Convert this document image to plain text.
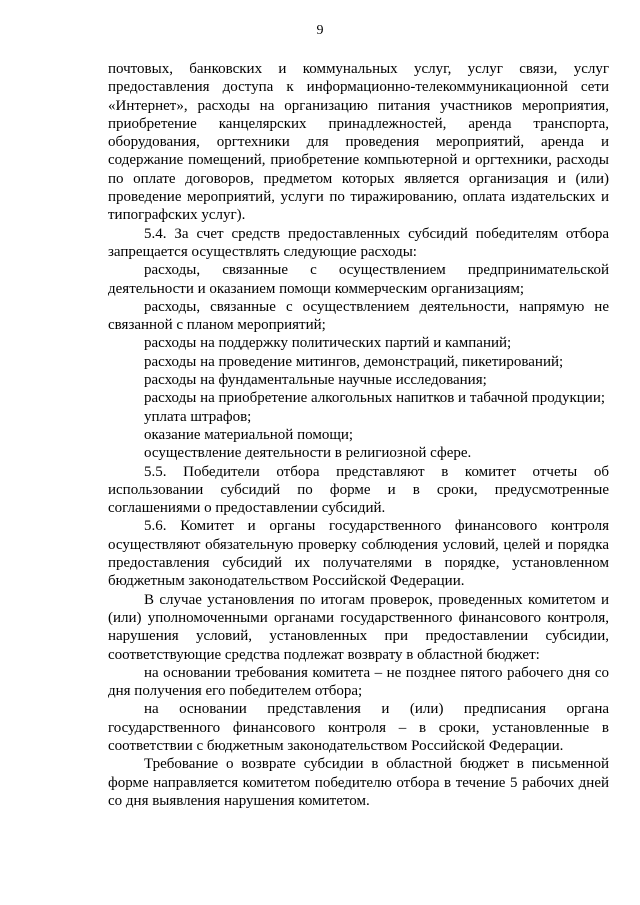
9

почтовых, банковских и коммунальных услуг, услуг связи, услуг предоставления доступа к информационно-телекоммуникационной сети «Интернет», расходы на организацию питания участников мероприятия, приобретение канцелярских принадлежностей, аренда транспорта, оборудования, оргтехники для проведения мероприятий, аренда и содержание помещений, приобретение компьютерной и оргтехники, расходы по оплате договоров, предметом которых является организация и (или) проведение мероприятий, услуги по тиражированию, оплата издательских и типографских услуг).

5.4. За счет средств предоставленных субсидий победителям отбора запрещается осуществлять следующие расходы:

расходы, связанные с осуществлением предпринимательской деятельности и оказанием помощи коммерческим организациям;

расходы, связанные с осуществлением деятельности, напрямую не связанной с планом мероприятий;

расходы на поддержку политических партий и кампаний;

расходы на проведение митингов, демонстраций, пикетирований;

расходы на фундаментальные научные исследования;

расходы на приобретение алкогольных напитков и табачной продукции;

уплата штрафов;

оказание материальной помощи;

осуществление деятельности в религиозной сфере.

5.5. Победители отбора представляют в комитет отчеты об использовании субсидий по форме и в сроки, предусмотренные соглашениями о предоставлении субсидий.

5.6. Комитет и органы государственного финансового контроля осуществляют обязательную проверку соблюдения условий, целей и порядка предоставления субсидий их получателями в порядке, установленном бюджетным законодательством Российской Федерации.

В случае установления по итогам проверок, проведенных комитетом и (или) уполномоченными органами государственного финансового контроля, нарушения условий, установленных при предоставлении субсидии, соответствующие средства подлежат возврату в областной бюджет:

на основании требования комитета – не позднее пятого рабочего дня со дня получения его победителем отбора;

на основании представления и (или) предписания органа государственного финансового контроля – в сроки, установленные в соответствии с бюджетным законодательством Российской Федерации.

Требование о возврате субсидии в областной бюджет в письменной форме направляется комитетом победителю отбора в течение 5 рабочих дней со дня выявления нарушения комитетом.
